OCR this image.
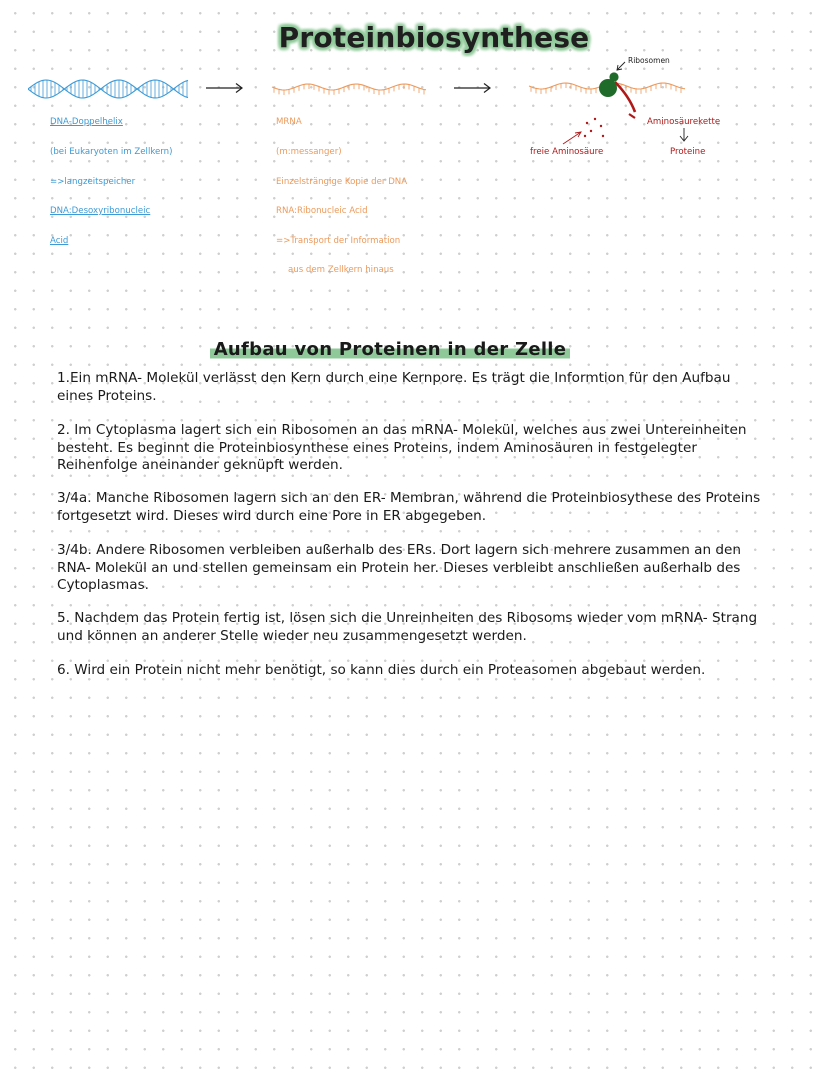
Proteinbiosynthese

Ribosomen

Aminosäurekette

freie Aminosäure	Proteine

DNA-Doppelhelix

(bei Eukaryoten im Zellkern)

=>langzeitspeicher

DNA:Desoxyribonucleic

Acid

MRNA

(m:messanger)

Einzelsträngige Kopie der DNA

RNA:Ribonucleic Acid

=>Transport der Information

aus dem Zellkern hinaus

Aufbau von Proteinen in der Zelle

1.Ein mRNA- Molekül verlässt den Kern durch eine Kernpore. Es trägt die Informtion für den Aufbau eines Proteins.

2. Im Cytoplasma lagert sich ein Ribosomen an das mRNA- Molekül, welches aus zwei Untereinheiten besteht. Es beginnt die Proteinbiosynthese eines Proteins, indem Aminosäuren in festgelegter Reihenfolge aneinander geknüpft werden.

3/4a. Manche Ribosomen lagern sich an den ER- Membran, während die Proteinbiosythese des Proteins fortgesetzt wird. Dieses wird durch eine Pore in ER abgegeben.

3/4b. Andere Ribosomen verbleiben außerhalb des ERs. Dort lagern sich mehrere zusammen an den RNA- Molekül an und stellen gemeinsam ein Protein her. Dieses verbleibt anschließen außerhalb des Cytoplasmas.

5. Nachdem das Protein fertig ist, lösen sich die Unreinheiten des Ribosoms wieder vom mRNA- Strang und können an anderer Stelle wieder neu zusammengesetzt werden.

6. Wird ein Protein nicht mehr benötigt, so kann dies durch ein Proteasomen abgebaut werden.
